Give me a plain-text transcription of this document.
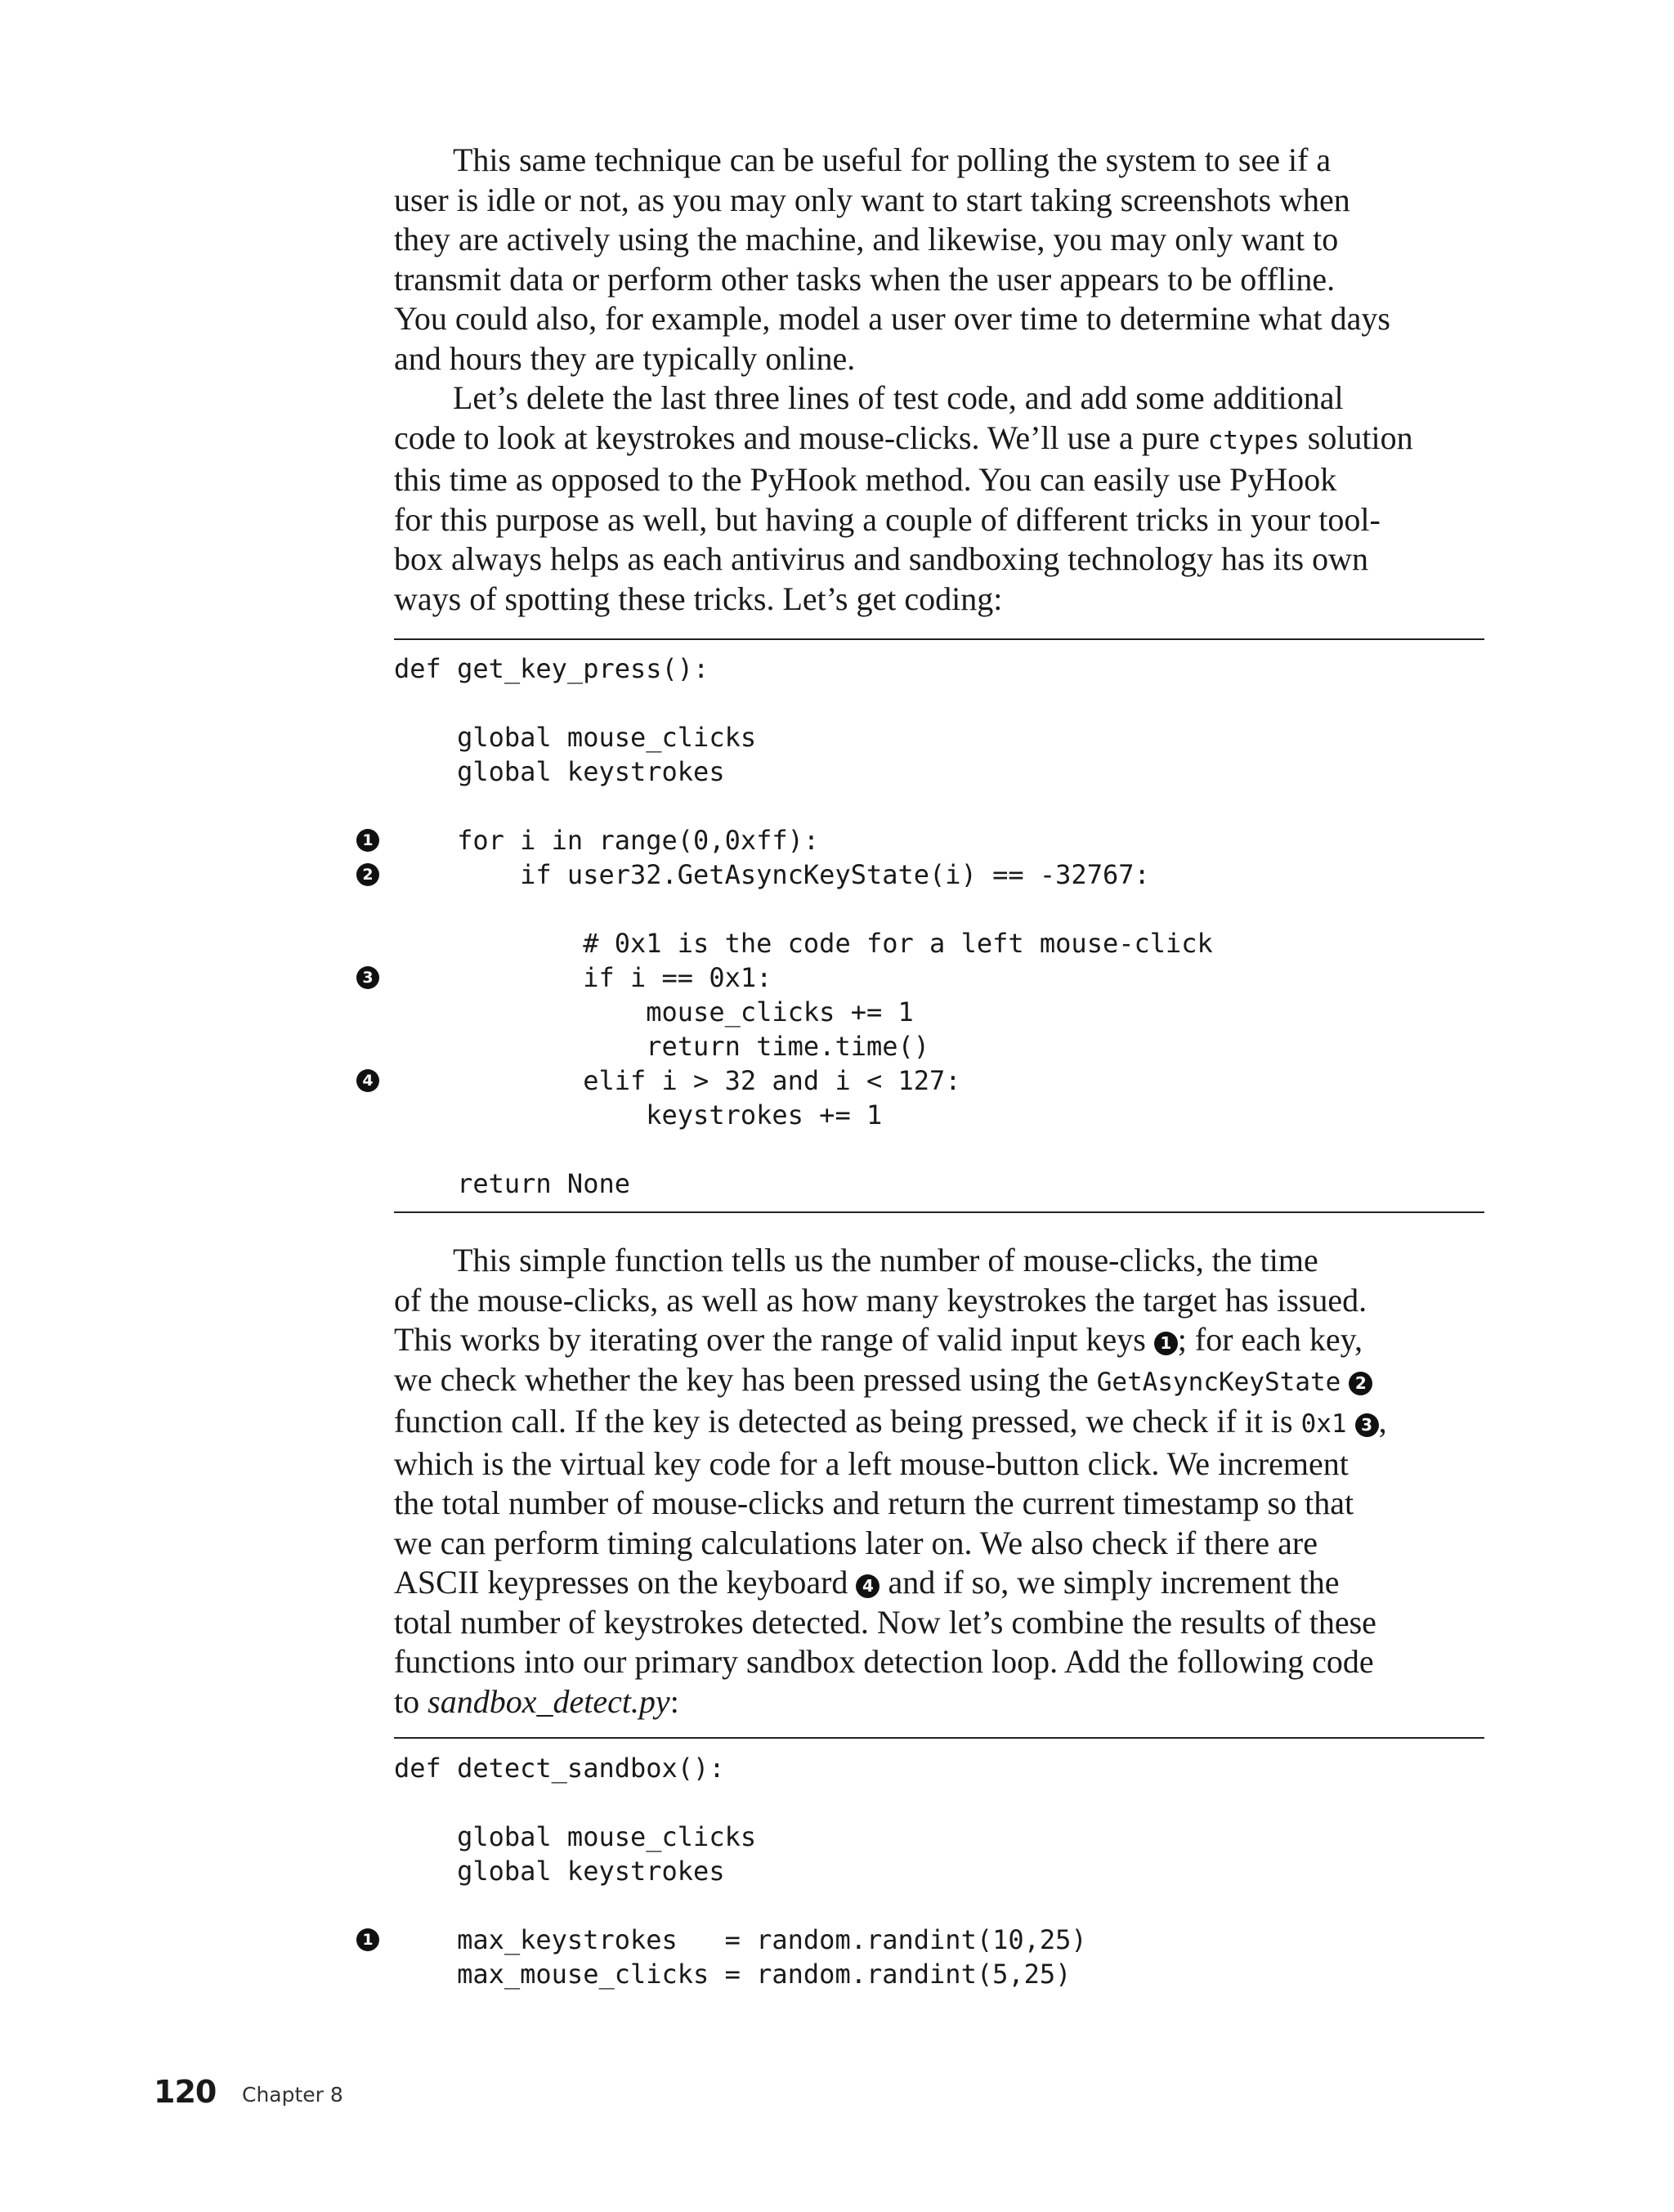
This same technique can be useful for polling the system to see if a
user is idle or not, as you may only want to start taking screenshots when
they are actively using the machine, and likewise, you may only want to
transmit data or perform other tasks when the user appears to be offline.
You could also, for example, model a user over time to determine what days
and hours they are typically online.

Let’s delete the last three lines of test code, and add some additional
code to look at keystrokes and mouse-clicks. We’ll use a pure ctypes solution
this time as opposed to the PyHook method. You can easily use PyHook
for this purpose as well, but having a couple of different tricks in your tool-
box always helps as each antivirus and sandboxing technology has its own
ways of spotting these tricks. Let’s get coding:

def get_key_press():
global mouse_clicks
global keystrokes
for i in range(0,0xff):
if user32.GetAsyncKeyState(i) == -32767:
# 0x1 is the code for a left mouse-click
if i == 0x1:
mouse_clicks += 1
return time.time()
elif i > 32 and i < 127:
keystrokes += 1
return None
1
2
3
4

This simple function tells us the number of mouse-clicks, the time
of the mouse-clicks, as well as how many keystrokes the target has issued.
This works by iterating over the range of valid input keys 1 ; for each key,
we check whether the key has been pressed using the GetAsyncKeyState 2
function call. If the key is detected as being pressed, we check if it is 0x1 3 ,
which is the virtual key code for a left mouse-button click. We increment
the total number of mouse-clicks and return the current timestamp so that
we can perform timing calculations later on. We also check if there are
ASCII keypresses on the keyboard 4 and if so, we simply increment the
total number of keystrokes detected. Now let’s combine the results of these
functions into our primary sandbox detection loop. Add the following code
to sandbox_detect.py:

def detect_sandbox():
global mouse_clicks
global keystrokes
max_keystrokes   = random.randint(10,25)
max_mouse_clicks = random.randint(5,25)
1
120 Chapter 8
